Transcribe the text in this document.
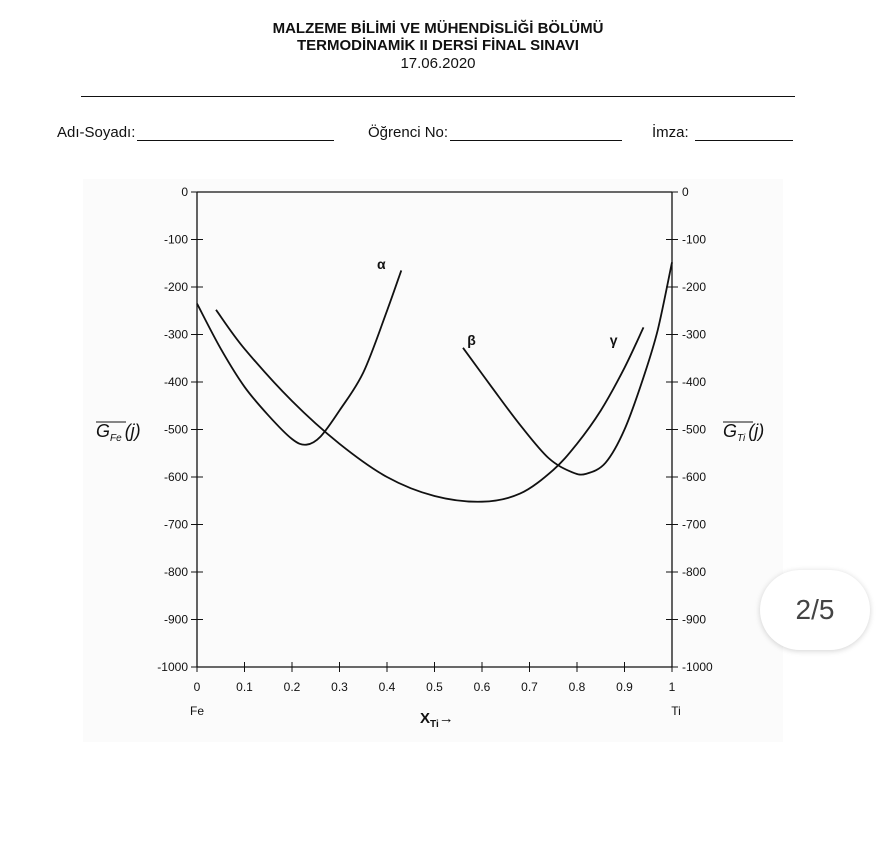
MALZEME BİLİMİ VE MÜHENDİSLİĞİ BÖLÜMÜ
TERMODİNAMİK II DERSİ FİNAL SINAVI
17.06.2020
Adı-Soyadı:	Öğrenci No:	İmza:
0	0
-100	-100
-200	-200
-300	-300
-400	-400
-500	-500
-600	-600
-700	-700
-800	-800
-900	-900
-1000	-1000
0	0.1	0.2	0.3	0.4	0.5	0.6	0.7	0.8	0.9	1
Fe	Ti
$X_{Ti}\to$
$G_{Fe}$ (j)	$G_{Ti}$ (j)
α
β	γ
2/5
